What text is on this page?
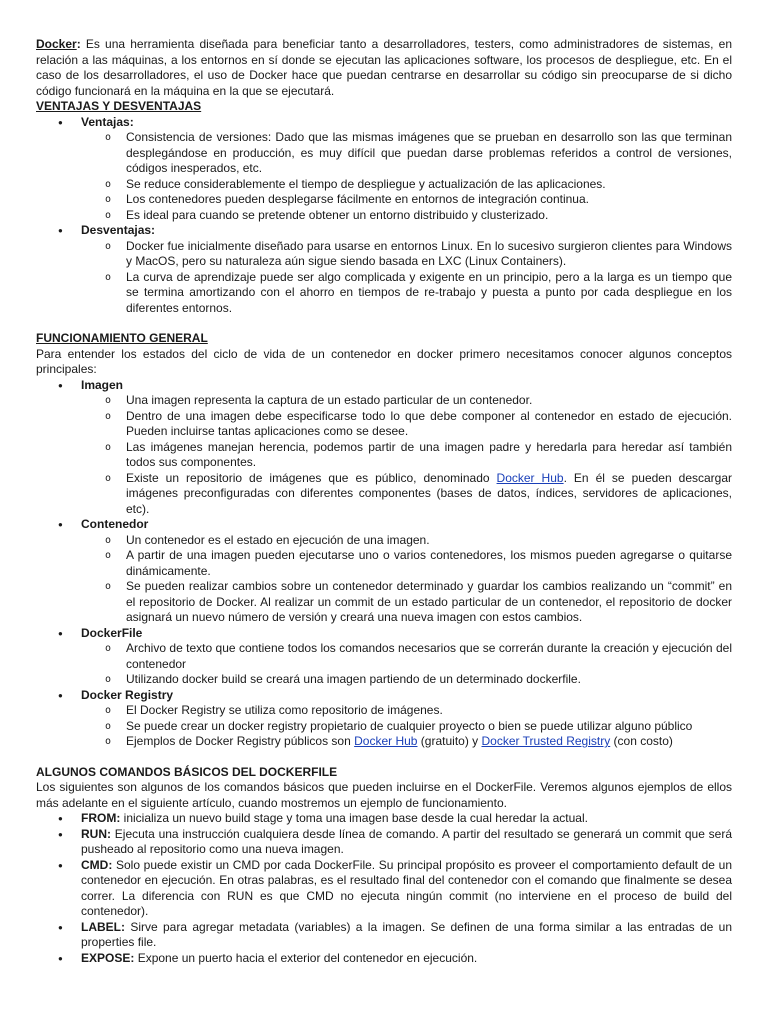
Docker: Es una herramienta diseñada para beneficiar tanto a desarrolladores, testers, como administradores de sistemas, en relación a las máquinas, a los entornos en sí donde se ejecutan las aplicaciones software, los procesos de despliegue, etc. En el caso de los desarrolladores, el uso de Docker hace que puedan centrarse en desarrollar su código sin preocuparse de si dicho código funcionará en la máquina en la que se ejecutará.

VENTAJAS Y DESVENTAJAS
● Ventajas:
o Consistencia de versiones: Dado que las mismas imágenes que se prueban en desarrollo son las que terminan desplegándose en producción, es muy difícil que puedan darse problemas referidos a control de versiones, códigos inesperados, etc.
o Se reduce considerablemente el tiempo de despliegue y actualización de las aplicaciones.
o Los contenedores pueden desplegarse fácilmente en entornos de integración continua.
o Es ideal para cuando se pretende obtener un entorno distribuido y clusterizado.
● Desventajas:
o Docker fue inicialmente diseñado para usarse en entornos Linux. En lo sucesivo surgieron clientes para Windows y MacOS, pero su naturaleza aún sigue siendo basada en LXC (Linux Containers).
o La curva de aprendizaje puede ser algo complicada y exigente en un principio, pero a la larga es un tiempo que se termina amortizando con el ahorro en tiempos de re-trabajo y puesta a punto por cada despliegue en los diferentes entornos.
FUNCIONAMIENTO GENERAL

Para entender los estados del ciclo de vida de un contenedor en docker primero necesitamos conocer algunos conceptos principales:

● Imagen
o Una imagen representa la captura de un estado particular de un contenedor.
o Dentro de una imagen debe especificarse todo lo que debe componer al contenedor en estado de ejecución. Pueden incluirse tantas aplicaciones como se desee.
o Las imágenes manejan herencia, podemos partir de una imagen padre y heredarla para heredar así también todos sus componentes.
o Existe un repositorio de imágenes que es público, denominado Docker Hub. En él se pueden descargar imágenes preconfiguradas con diferentes componentes (bases de datos, índices, servidores de aplicaciones, etc).
● Contenedor
o Un contenedor es el estado en ejecución de una imagen.
o A partir de una imagen pueden ejecutarse uno o varios contenedores, los mismos pueden agregarse o quitarse dinámicamente.
o Se pueden realizar cambios sobre un contenedor determinado y guardar los cambios realizando un “commit” en el repositorio de Docker. Al realizar un commit de un estado particular de un contenedor, el repositorio de docker asignará un nuevo número de versión y creará una nueva imagen con estos cambios.
● DockerFile
o Archivo de texto que contiene todos los comandos necesarios que se correrán durante la creación y ejecución del contenedor
o Utilizando docker build se creará una imagen partiendo de un determinado dockerfile.
● Docker Registry
o El Docker Registry se utiliza como repositorio de imágenes.
o Se puede crear un docker registry propietario de cualquier proyecto o bien se puede utilizar alguno público
o Ejemplos de Docker Registry públicos son Docker Hub (gratuito) y Docker Trusted Registry (con costo)
ALGUNOS COMANDOS BÁSICOS DEL DOCKERFILE

Los siguientes son algunos de los comandos básicos que pueden incluirse en el DockerFile. Veremos algunos ejemplos de ellos más adelante en el siguiente artículo, cuando mostremos un ejemplo de funcionamiento.

● FROM: inicializa un nuevo build stage y toma una imagen base desde la cual heredar la actual.
● RUN: Ejecuta una instrucción cualquiera desde línea de comando. A partir del resultado se generará un commit que será pusheado al repositorio como una nueva imagen.
● CMD: Solo puede existir un CMD por cada DockerFile. Su principal propósito es proveer el comportamiento default de un contenedor en ejecución. En otras palabras, es el resultado final del contenedor con el comando que finalmente se desea correr. La diferencia con RUN es que CMD no ejecuta ningún commit (no interviene en el proceso de build del contenedor).
● LABEL: Sirve para agregar metadata (variables) a la imagen. Se definen de una forma similar a las entradas de un properties file.
● EXPOSE: Expone un puerto hacia el exterior del contenedor en ejecución.
